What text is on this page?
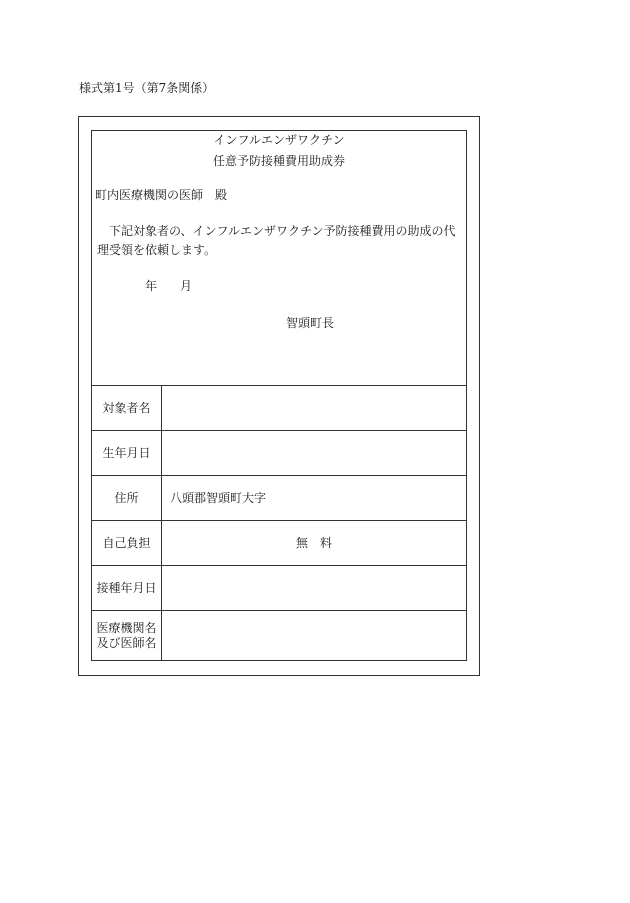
様式第1号（第7条関係）
インフルエンザワクチン
任意予防接種費用助成券
町内医療機関の医師　殿
下記対象者の、インフルエンザワクチン予防接種費用の助成の代理受領を依頼します。
年 月
智頭町長
対象者名
生年月日
住所	八頭郡智頭町大字
自己負担	無　料
接種年月日
医療機関名
及び医師名
